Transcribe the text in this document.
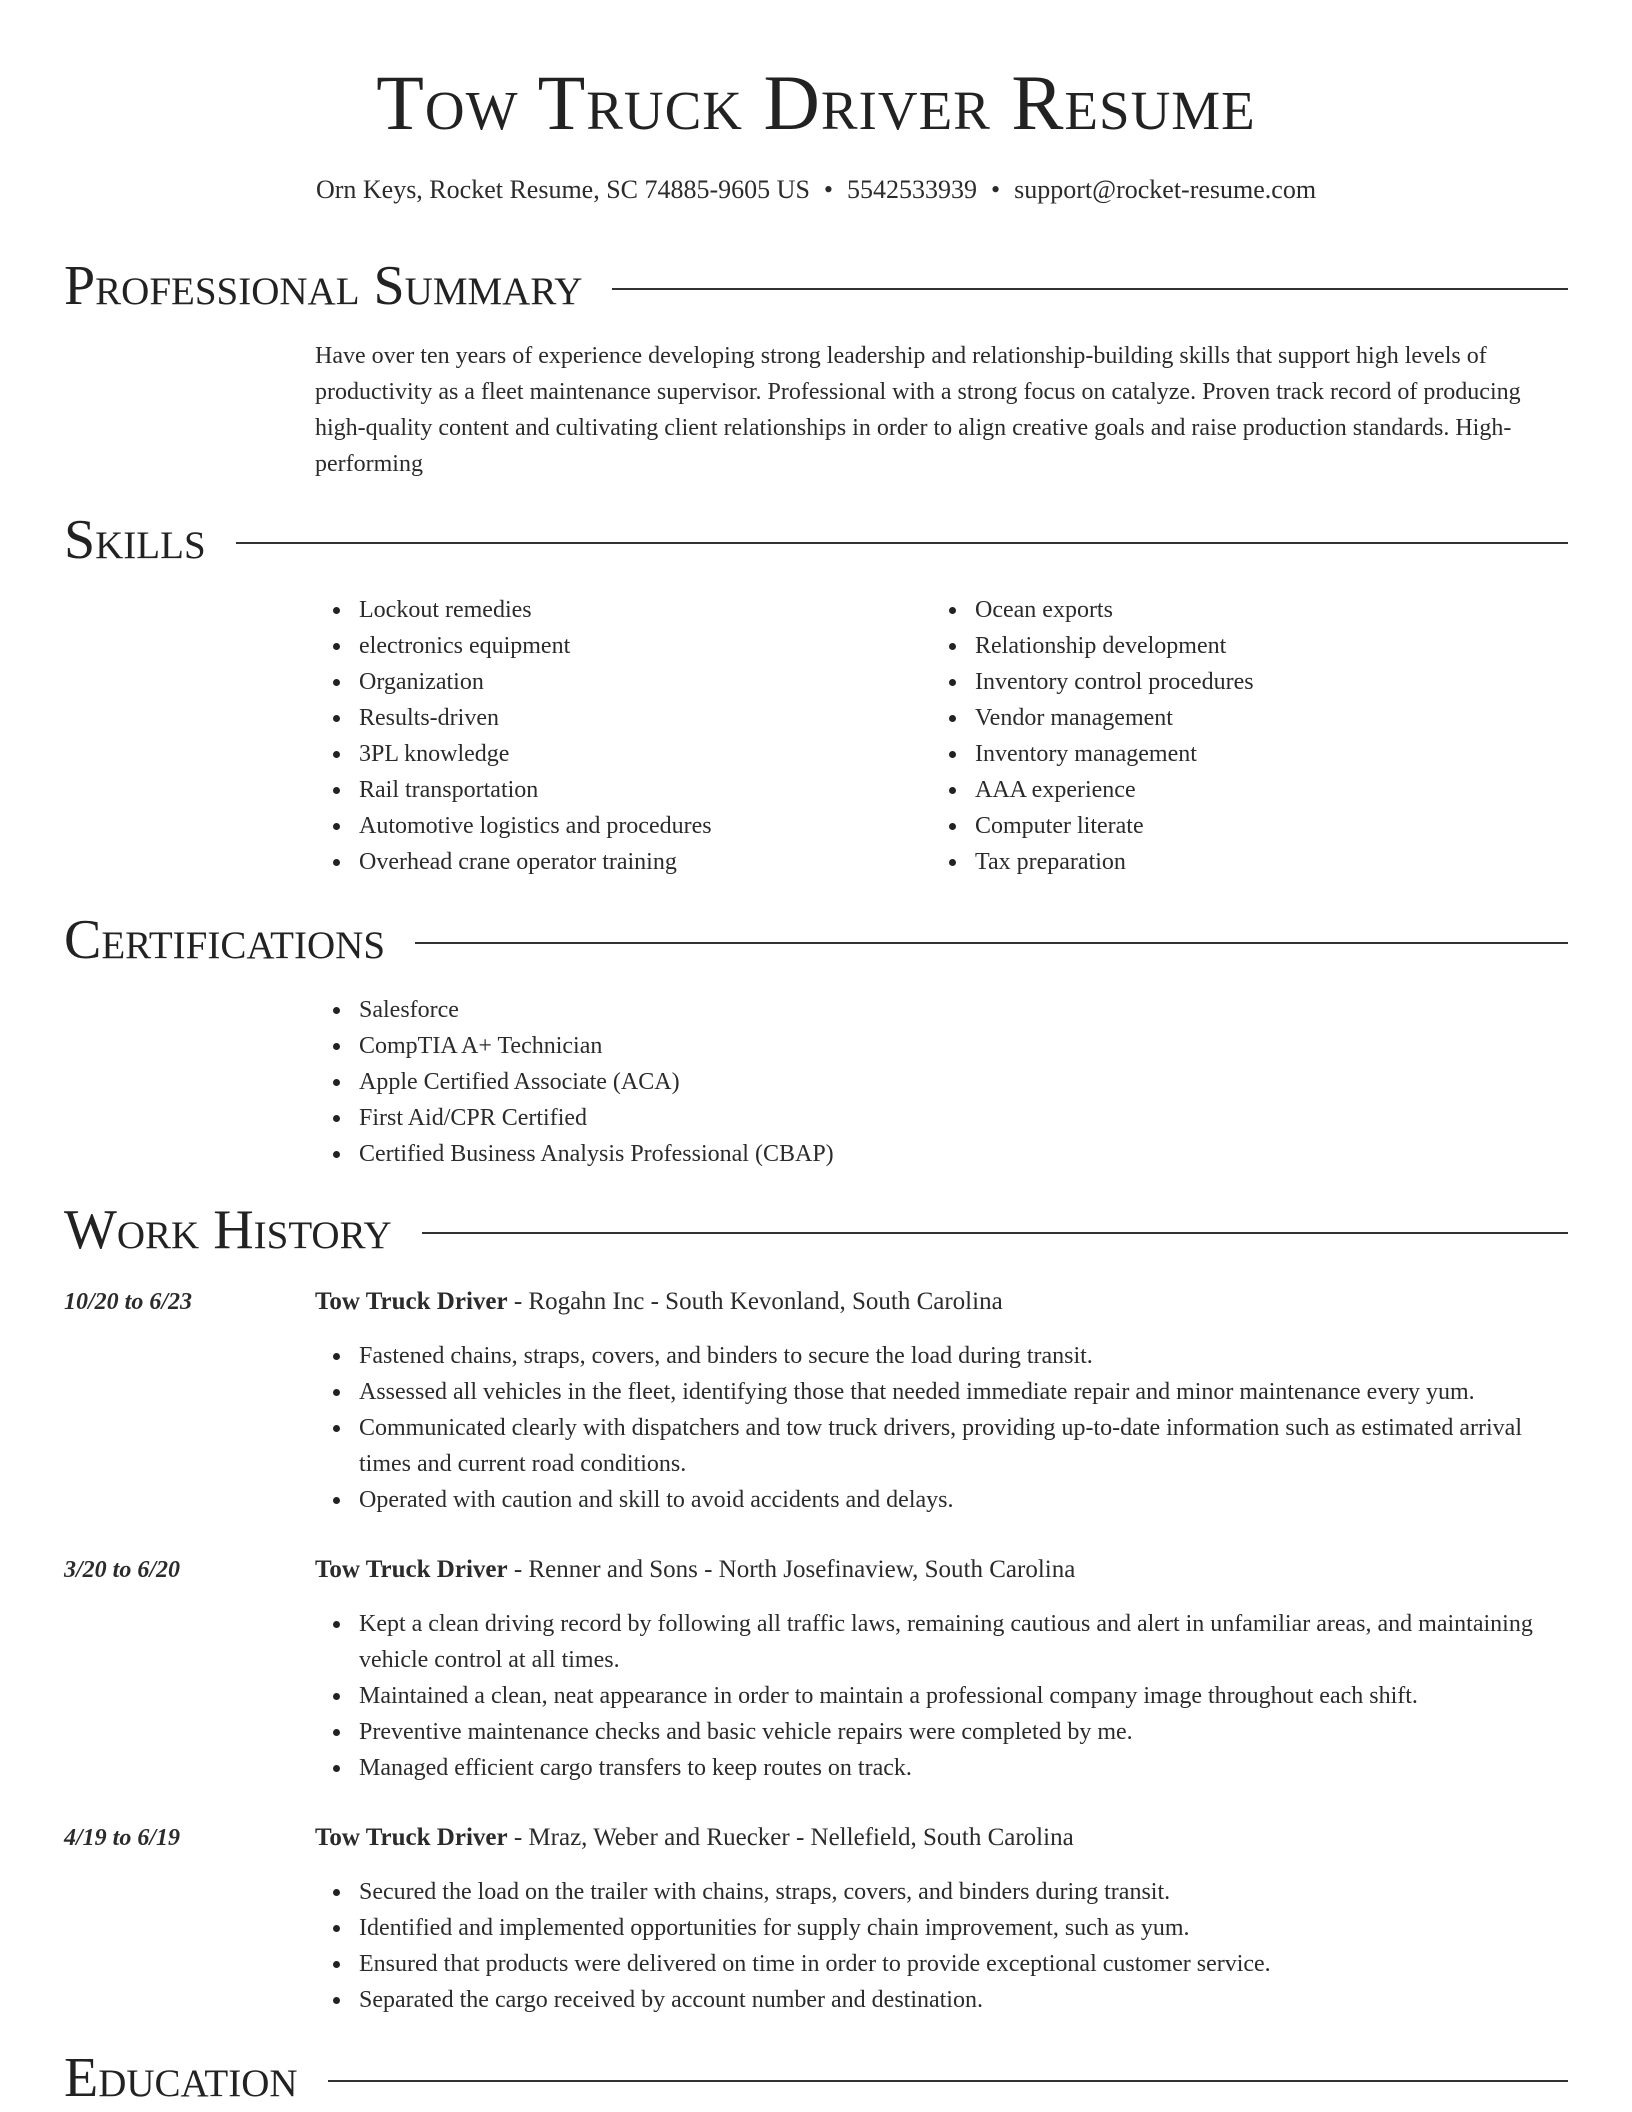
Tow Truck Driver Resume
Orn Keys, Rocket Resume, SC 74885-9605 US • 5542533939 • support@rocket-resume.com
Professional Summary
Have over ten years of experience developing strong leadership and relationship-building skills that support high levels of productivity as a fleet maintenance supervisor. Professional with a strong focus on catalyze. Proven track record of producing high-quality content and cultivating client relationships in order to align creative goals and raise production standards. High-performing
Skills
Lockout remedies
electronics equipment
Organization
Results-driven
3PL knowledge
Rail transportation
Automotive logistics and procedures
Overhead crane operator training
Ocean exports
Relationship development
Inventory control procedures
Vendor management
Inventory management
AAA experience
Computer literate
Tax preparation
Certifications
Salesforce
CompTIA A+ Technician
Apple Certified Associate (ACA)
First Aid/CPR Certified
Certified Business Analysis Professional (CBAP)
Work History
10/20 to 6/23	Tow Truck Driver - Rogahn Inc - South Kevonland, South Carolina
Fastened chains, straps, covers, and binders to secure the load during transit.
Assessed all vehicles in the fleet, identifying those that needed immediate repair and minor maintenance every yum.
Communicated clearly with dispatchers and tow truck drivers, providing up-to-date information such as estimated arrival times and current road conditions.
Operated with caution and skill to avoid accidents and delays.
3/20 to 6/20	Tow Truck Driver - Renner and Sons - North Josefinaview, South Carolina
Kept a clean driving record by following all traffic laws, remaining cautious and alert in unfamiliar areas, and maintaining vehicle control at all times.
Maintained a clean, neat appearance in order to maintain a professional company image throughout each shift.
Preventive maintenance checks and basic vehicle repairs were completed by me.
Managed efficient cargo transfers to keep routes on track.
4/19 to 6/19	Tow Truck Driver - Mraz, Weber and Ruecker - Nellefield, South Carolina
Secured the load on the trailer with chains, straps, covers, and binders during transit.
Identified and implemented opportunities for supply chain improvement, such as yum.
Ensured that products were delivered on time in order to provide exceptional customer service.
Separated the cargo received by account number and destination.
Education
